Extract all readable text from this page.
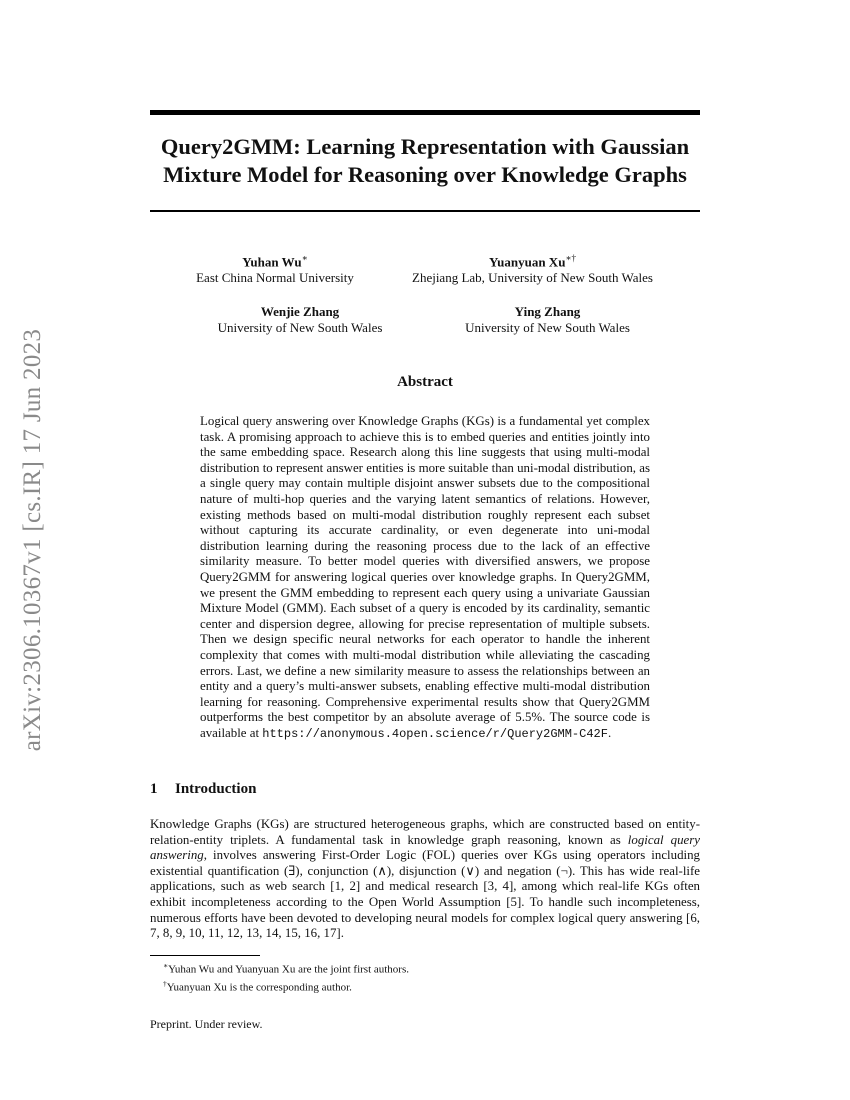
arXiv:2306.10367v1 [cs.IR] 17 Jun 2023
Query2GMM: Learning Representation with Gaussian Mixture Model for Reasoning over Knowledge Graphs
Yuhan Wu∗
East China Normal University
Yuanyuan Xu∗†
Zhejiang Lab, University of New South Wales
Wenjie Zhang
University of New South Wales
Ying Zhang
University of New South Wales
Abstract

Logical query answering over Knowledge Graphs (KGs) is a fundamental yet complex task. A promising approach to achieve this is to embed queries and entities jointly into the same embedding space. Research along this line suggests that using multi-modal distribution to represent answer entities is more suitable than uni-modal distribution, as a single query may contain multiple disjoint answer subsets due to the compositional nature of multi-hop queries and the varying latent semantics of relations. However, existing methods based on multi-modal distribution roughly represent each subset without capturing its accurate cardinality, or even degenerate into uni-modal distribution learning during the reasoning process due to the lack of an effective similarity measure. To better model queries with diversified answers, we propose Query2GMM for answering logical queries over knowledge graphs. In Query2GMM, we present the GMM embedding to represent each query using a univariate Gaussian Mixture Model (GMM). Each subset of a query is encoded by its cardinality, semantic center and dispersion degree, allowing for precise representation of multiple subsets. Then we design specific neural networks for each operator to handle the inherent complexity that comes with multi-modal distribution while alleviating the cascading errors. Last, we define a new similarity measure to assess the relationships between an entity and a query’s multi-answer subsets, enabling effective multi-modal distribution learning for reasoning. Comprehensive experimental results show that Query2GMM outperforms the best competitor by an absolute average of 5.5%. The source code is available at https://anonymous.4open.science/r/Query2GMM-C42F.

1 Introduction

Knowledge Graphs (KGs) are structured heterogeneous graphs, which are constructed based on entity-relation-entity triplets. A fundamental task in knowledge graph reasoning, known as logical query answering, involves answering First-Order Logic (FOL) queries over KGs using operators including existential quantification (∃), conjunction (∧), disjunction (∨) and negation (¬). This has wide real-life applications, such as web search [1, 2] and medical research [3, 4], among which real-life KGs often exhibit incompleteness according to the Open World Assumption [5]. To handle such incompleteness, numerous efforts have been devoted to developing neural models for complex logical query answering [6, 7, 8, 9, 10, 11, 12, 13, 14, 15, 16, 17].

∗Yuhan Wu and Yuanyuan Xu are the joint first authors.
†Yuanyuan Xu is the corresponding author.

Preprint. Under review.
